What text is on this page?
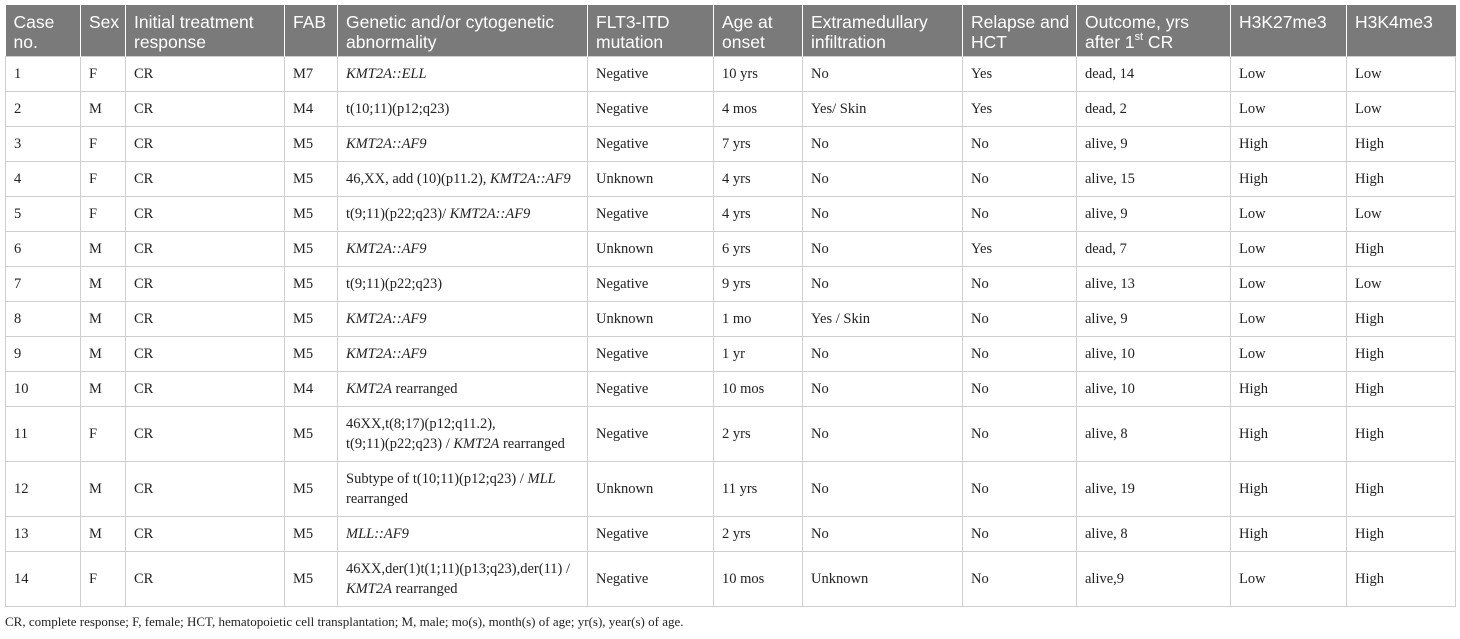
Case no.	Sex	Initial treatment response	FAB	Genetic and/or cytogenetic abnormality	FLT3-ITD mutation	Age at onset	Extramedullary infiltration	Relapse and HCT	Outcome, yrs after 1st CR	H3K27me3	H3K4me3
1	F	CR	M7	KMT2A::ELL	Negative	10 yrs	No	Yes	dead, 14	Low	Low
2	M	CR	M4	t(10;11)(p12;q23)	Negative	4 mos	Yes/ Skin	Yes	dead, 2	Low	Low
3	F	CR	M5	KMT2A::AF9	Negative	7 yrs	No	No	alive, 9	High	High
4	F	CR	M5	46,XX, add (10)(p11.2), KMT2A::AF9	Unknown	4 yrs	No	No	alive, 15	High	High
5	F	CR	M5	t(9;11)(p22;q23)/ KMT2A::AF9	Negative	4 yrs	No	No	alive, 9	Low	Low
6	M	CR	M5	KMT2A::AF9	Unknown	6 yrs	No	Yes	dead, 7	Low	High
7	M	CR	M5	t(9;11)(p22;q23)	Negative	9 yrs	No	No	alive, 13	Low	Low
8	M	CR	M5	KMT2A::AF9	Unknown	1 mo	Yes / Skin	No	alive, 9	Low	High
9	M	CR	M5	KMT2A::AF9	Negative	1 yr	No	No	alive, 10	Low	High
10	M	CR	M4	KMT2A rearranged	Negative	10 mos	No	No	alive, 10	High	High
11	F	CR	M5	46XX,t(8;17)(p12;q11.2),
t(9;11)(p22;q23) / KMT2A rearranged	Negative	2 yrs	No	No	alive, 8	High	High
12	M	CR	M5	Subtype of t(10;11)(p12;q23) / MLL
rearranged	Unknown	11 yrs	No	No	alive, 19	High	High
13	M	CR	M5	MLL::AF9	Negative	2 yrs	No	No	alive, 8	High	High
14	F	CR	M5	46XX,der(1)t(1;11)(p13;q23),der(11) /
KMT2A rearranged	Negative	10 mos	Unknown	No	alive,9	Low	High
CR, complete response; F, female; HCT, hematopoietic cell transplantation; M, male; mo(s), month(s) of age; yr(s), year(s) of age.
